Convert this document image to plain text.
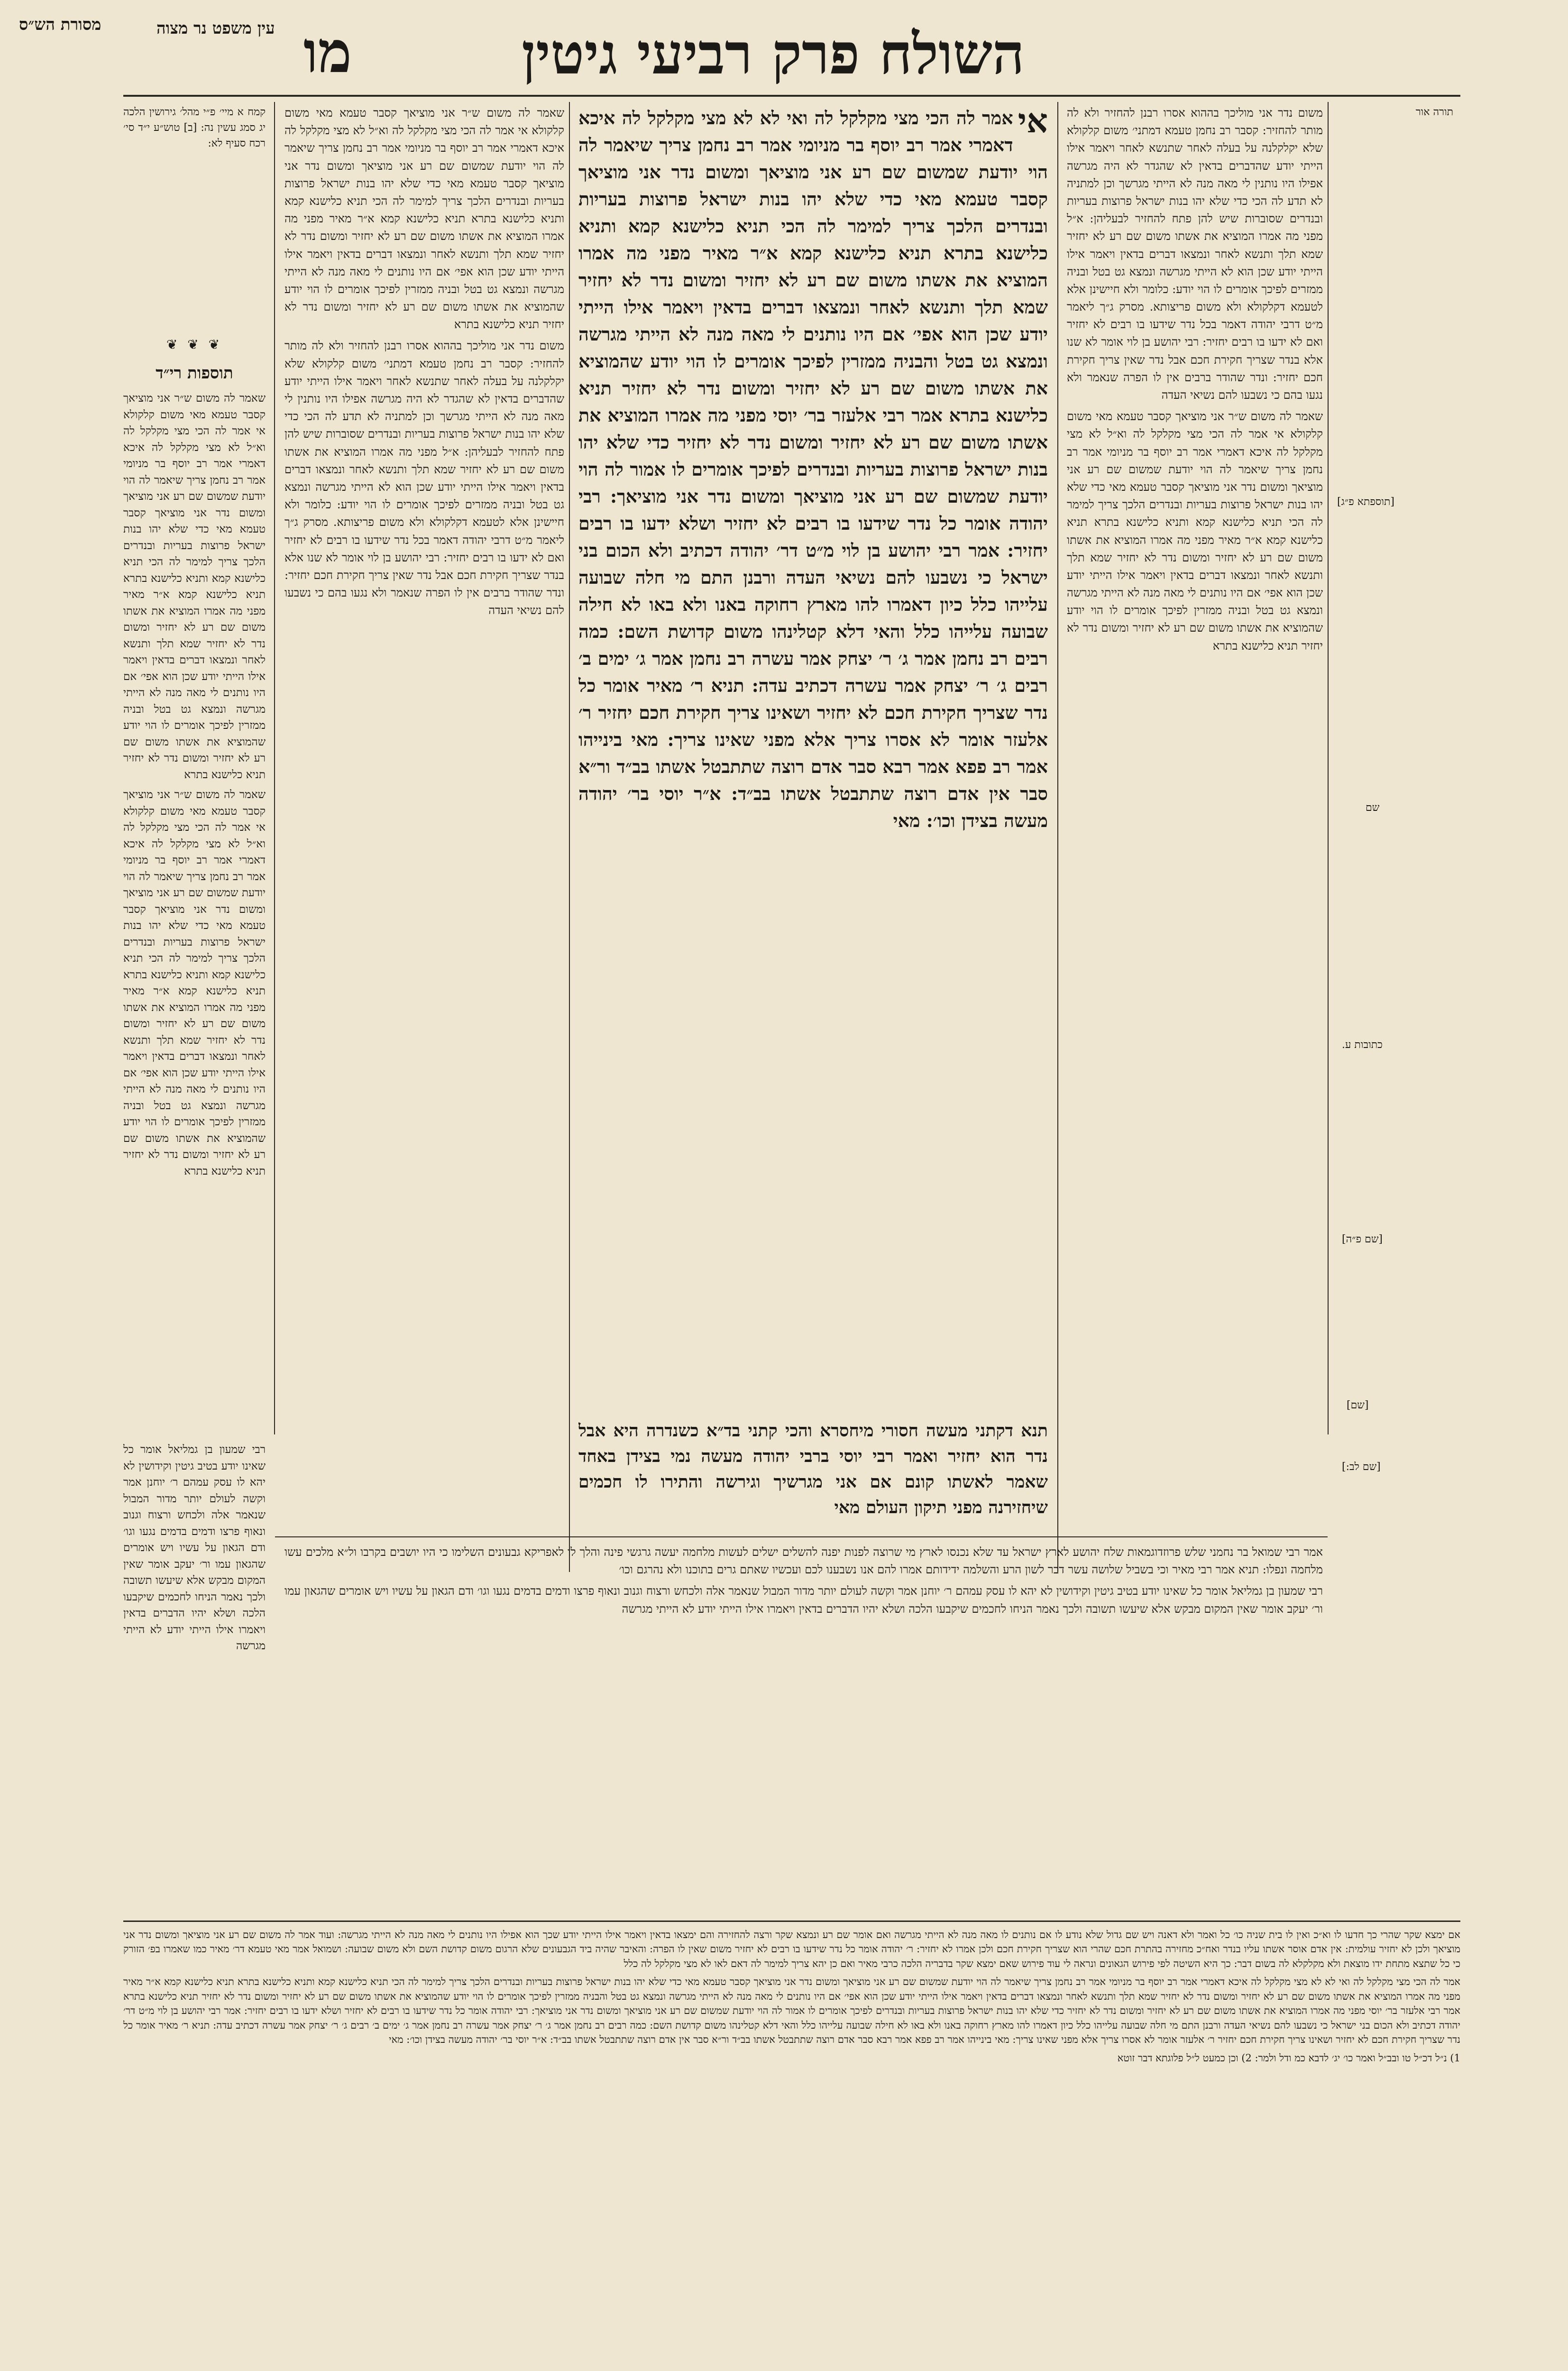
מסורת הש״ס	השולח פרק רביעי גיטין
מו
עין משפט נר מצוה
קמח א מיי׳ פ״י מהל׳ גירושין הלכה יג סמג עשין נה: [ב] טוש״ע י״ד סי׳ רכח סעיף לא:
❦ ❦ ❦
תוספות רי״ד

שאמר לה משום ש״ר אני מוציאך קסבר טעמא מאי משום קלקולא אי אמר לה הכי מצי מקלקל לה וא״ל לא מצי מקלקל לה איכא דאמרי אמר רב יוסף בר מניומי אמר רב נחמן צריך שיאמר לה הוי יודעת שמשום שם רע אני מוציאך ומשום נדר אני מוציאך קסבר טעמא מאי כדי שלא יהו בנות ישראל פרוצות בעריות ובנדרים הלכך צריך למימר לה הכי תניא כלישנא קמא ותניא כלישנא בתרא תניא כלישנא קמא א״ר מאיר מפני מה אמרו המוציא את אשתו משום שם רע לא יחזיר ומשום נדר לא יחזיר שמא תלך ותנשא לאחר ונמצאו דברים בדאין ויאמר אילו הייתי יודע שכן הוא אפי׳ אם היו נותנים לי מאה מנה לא הייתי מגרשה ונמצא גט בטל ובניה ממזרין לפיכך אומרים לו הוי יודע שהמוציא את אשתו משום שם רע לא יחזיר ומשום נדר לא יחזיר תניא כלישנא בתרא

שאמר לה משום ש״ר אני מוציאך קסבר טעמא מאי משום קלקולא אי אמר לה הכי מצי מקלקל לה וא״ל לא מצי מקלקל לה איכא דאמרי אמר רב יוסף בר מניומי אמר רב נחמן צריך שיאמר לה הוי יודעת שמשום שם רע אני מוציאך ומשום נדר אני מוציאך קסבר טעמא מאי כדי שלא יהו בנות ישראל פרוצות בעריות ובנדרים הלכך צריך למימר לה הכי תניא כלישנא קמא ותניא כלישנא בתרא תניא כלישנא קמא א״ר מאיר מפני מה אמרו המוציא את אשתו משום שם רע לא יחזיר ומשום נדר לא יחזיר שמא תלך ותנשא לאחר ונמצאו דברים בדאין ויאמר אילו הייתי יודע שכן הוא אפי׳ אם היו נותנים לי מאה מנה לא הייתי מגרשה ונמצא גט בטל ובניה ממזרין לפיכך אומרים לו הוי יודע שהמוציא את אשתו משום שם רע לא יחזיר ומשום נדר לא יחזיר תניא כלישנא בתרא

שאמר לה משום ש״ר אני מוציאך קסבר טעמא מאי משום קלקולא אי אמר לה הכי מצי מקלקל לה וא״ל לא מצי מקלקל לה איכא דאמרי אמר רב יוסף בר מניומי אמר רב נחמן צריך שיאמר לה הוי יודעת שמשום שם רע אני מוציאך ומשום נדר אני מוציאך קסבר טעמא מאי כדי שלא יהו בנות ישראל פרוצות בעריות ובנדרים הלכך צריך למימר לה הכי תניא כלישנא קמא ותניא כלישנא בתרא תניא כלישנא קמא א״ר מאיר מפני מה אמרו המוציא את אשתו משום שם רע לא יחזיר ומשום נדר לא יחזיר שמא תלך ותנשא לאחר ונמצאו דברים בדאין ויאמר אילו הייתי יודע שכן הוא אפי׳ אם היו נותנים לי מאה מנה לא הייתי מגרשה ונמצא גט בטל ובניה ממזרין לפיכך אומרים לו הוי יודע שהמוציא את אשתו משום שם רע לא יחזיר ומשום נדר לא יחזיר תניא כלישנא בתרא

משום נדר אני מוליכך בההוא אסרו רבנן להחזיר ולא לה מותר להחזיר: קסבר רב נחמן טעמא דמתני׳ משום קלקולא שלא יקלקלנה על בעלה לאחר שתנשא לאחר ויאמר אילו הייתי יודע שהדברים בדאין לא שהגדר לא היה מגרשה אפילו היו נותנין לי מאה מנה לא הייתי מגרשך וכן למתניה לא תדע לה הכי כדי שלא יהו בנות ישראל פרוצות בעריות ובנדרים שסוברות שיש להן פתח להחזיר לבעליהן: א״ל מפני מה אמרו המוציא את אשתו משום שם רע לא יחזיר שמא תלך ותנשא לאחר ונמצאו דברים בדאין ויאמר אילו הייתי יודע שכן הוא לא הייתי מגרשה ונמצא גט בטל ובניה ממזרים לפיכך אומרים לו הוי יודע: כלומר ולא חיישינן אלא לטעמא דקלקולא ולא משום פריצותא. מסרק ג״ך ליאמר מ״ט דרבי יהודה דאמר בכל נדר שידעו בו רבים לא יחזיר ואם לא ידעו בו רבים יחזיר: רבי יהושע בן לוי אומר לא שנו אלא בנדר שצריך חקירת חכם אבל נדר שאין צריך חקירת חכם יחזיר: ונדר שהודר ברבים אין לו הפרה שנאמר ולא נגעו בהם כי נשבעו להם נשיאי העדה

אי
אמר לה הכי מצי מקלקל לה ואי לא לא מצי מקלקל לה איכא דאמרי אמר רב יוסף בר מניומי אמר רב נחמן צריך שיאמר לה הוי יודעת שמשום שם רע אני מוציאך ומשום נדר אני מוציאך קסבר טעמא מאי כדי שלא יהו בנות ישראל פרוצות בעריות ובנדרים הלכך צריך למימר לה הכי תניא כלישנא קמא ותניא כלישנא בתרא תניא כלישנא קמא א״ר מאיר מפני מה אמרו המוציא את אשתו משום שם רע לא יחזיר ומשום נדר לא יחזיר שמא תלך ותנשא לאחר ונמצאו דברים בדאין ויאמר אילו הייתי יודע שכן הוא אפי׳ אם היו נותנים לי מאה מנה לא הייתי מגרשה ונמצא גט בטל והבניה ממזרין לפיכך אומרים לו הוי יודע שהמוציא את אשתו משום שם רע לא יחזיר ומשום נדר לא יחזיר תניא כלישנא בתרא אמר רבי אלעזר בר׳ יוסי מפני מה אמרו המוציא את אשתו משום שם רע לא יחזיר ומשום נדר לא יחזיר כדי שלא יהו בנות ישראל פרוצות בעריות ובנדרים לפיכך אומרים לו אמור לה הוי יודעת שמשום שם רע אני מוציאך ומשום נדר אני מוציאך: רבי יהודה אומר כל נדר שידעו בו רבים לא יחזיר ושלא ידעו בו רבים יחזיר: אמר רבי יהושע בן לוי מ״ט דר׳ יהודה דכתיב ולא הכום בני ישראל כי נשבעו להם נשיאי העדה ורבנן התם מי חלה שבועה עלייהו כלל כיון דאמרו להו מארץ רחוקה באנו ולא באו לא חילה שבועה עלייהו כלל והאי דלא קטלינהו משום קדושת השם: כמה רבים רב נחמן אמר ג׳ ר׳ יצחק אמר עשרה רב נחמן אמר ג׳ ימים ב׳ רבים ג׳ ר׳ יצחק אמר עשרה דכתיב עדה: תניא ר׳ מאיר אומר כל נדר שצריך חקירת חכם לא יחזיר ושאינו צריך חקירת חכם יחזיר ר׳ אלעזר אומר לא אסרו צריך אלא מפני שאינו צריך: מאי בינייהו אמר רב פפא אמר רבא סבר אדם רוצה שתתבטל אשתו בב״ד ור״א סבר אין אדם רוצה שתתבטל אשתו בב״ד: א״ר יוסי בר׳ יהודה מעשה בצידן וכו׳: מאי
תנא דקתני מעשה חסורי מיחסרא והכי קתני בד״א כשנדרה היא אבל נדר הוא יחזיר ואמר רבי יוסי ברבי יהודה מעשה נמי בצידן באחד שאמר לאשתו קונם אם אני מגרשיך וגירשה והתירו לו חכמים שיחזירנה מפני תיקון העולם מאי

משום נדר אני מוליכך בההוא אסרו רבנן להחזיר ולא לה מותר להחזיר: קסבר רב נחמן טעמא דמתני׳ משום קלקולא שלא יקלקלנה על בעלה לאחר שתנשא לאחר ויאמר אילו הייתי יודע שהדברים בדאין לא שהגדר לא היה מגרשה אפילו היו נותנין לי מאה מנה לא הייתי מגרשך וכן למתניה לא תדע לה הכי כדי שלא יהו בנות ישראל פרוצות בעריות ובנדרים שסוברות שיש להן פתח להחזיר לבעליהן: א״ל מפני מה אמרו המוציא את אשתו משום שם רע לא יחזיר שמא תלך ותנשא לאחר ונמצאו דברים בדאין ויאמר אילו הייתי יודע שכן הוא לא הייתי מגרשה ונמצא גט בטל ובניה ממזרים לפיכך אומרים לו הוי יודע: כלומר ולא חיישינן אלא לטעמא דקלקולא ולא משום פריצותא. מסרק ג״ך ליאמר מ״ט דרבי יהודה דאמר בכל נדר שידעו בו רבים לא יחזיר ואם לא ידעו בו רבים יחזיר: רבי יהושע בן לוי אומר לא שנו אלא בנדר שצריך חקירת חכם אבל נדר שאין צריך חקירת חכם יחזיר: ונדר שהודר ברבים אין לו הפרה שנאמר ולא נגעו בהם כי נשבעו להם נשיאי העדה

שאמר לה משום ש״ר אני מוציאך קסבר טעמא מאי משום קלקולא אי אמר לה הכי מצי מקלקל לה וא״ל לא מצי מקלקל לה איכא דאמרי אמר רב יוסף בר מניומי אמר רב נחמן צריך שיאמר לה הוי יודעת שמשום שם רע אני מוציאך ומשום נדר אני מוציאך קסבר טעמא מאי כדי שלא יהו בנות ישראל פרוצות בעריות ובנדרים הלכך צריך למימר לה הכי תניא כלישנא קמא ותניא כלישנא בתרא תניא כלישנא קמא א״ר מאיר מפני מה אמרו המוציא את אשתו משום שם רע לא יחזיר ומשום נדר לא יחזיר שמא תלך ותנשא לאחר ונמצאו דברים בדאין ויאמר אילו הייתי יודע שכן הוא אפי׳ אם היו נותנים לי מאה מנה לא הייתי מגרשה ונמצא גט בטל ובניה ממזרין לפיכך אומרים לו הוי יודע שהמוציא את אשתו משום שם רע לא יחזיר ומשום נדר לא יחזיר תניא כלישנא בתרא

תורה אור

[תוספתא פ״ג]
שם
כתובות ע.
[שם פ״ה]
[שם]
[שם לב:]

אמר רבי שמואל בר נחמני שלש פרוזדוגמאות שלח יהושע לארץ ישראל עד שלא נכנסו לארץ מי שרוצה לפנות יפנה להשלים ישלים לעשות מלחמה יעשה גרגשי פינה והלך לו לאפריקא גבעונים השלימו כי היו יושבים בקרבו ול״א מלכים עשו מלחמה ונפלו: תניא אמר רבי מאיר וכי בשביל שלושה עשר דבר לשון הרע והשלמה ידידותם אמרו להם אנו נשבענו לכם ועכשיו שאתם גרים בתוכנו ולא נהרגם וכו׳

רבי שמעון בן גמליאל אומר כל שאינו יודע בטיב גיטין וקידושין לא יהא לו עסק עמהם ר׳ יוחנן אמר וקשה לעולם יותר מדור המבול שנאמר אלה ולכחש ורצוח וגנוב ונאוף פרצו ודמים בדמים נגעו וגו׳ ודם הגאון על עשיו ויש אומרים שהגאון עמו ור׳ יעקב אומר שאין המקום מבקש אלא שיעשו תשובה ולכך נאמר הניחו לחכמים שיקבעו הלכה ושלא יהיו הדברים בדאין ויאמרו אילו הייתי יודע לא הייתי מגרשה

רבי שמעון בן גמליאל אומר כל שאינו יודע בטיב גיטין וקידושין לא יהא לו עסק עמהם ר׳ יוחנן אמר וקשה לעולם יותר מדור המבול שנאמר אלה ולכחש ורצוח וגנוב ונאוף פרצו ודמים בדמים נגעו וגו׳ ודם הגאון על עשיו ויש אומרים שהגאון עמו ור׳ יעקב אומר שאין המקום מבקש אלא שיעשו תשובה ולכך נאמר הניחו לחכמים שיקבעו הלכה ושלא יהיו הדברים בדאין ויאמרו אילו הייתי יודע לא הייתי מגרשה

אם ימצא שקר שהרי כך חדעו לו וא״כ ואין לו בית שניה כו׳ כל ואמר ולא דאנה ויש שם גדול שלא נודע לו אם נותנים לו מאה מנה לא הייתי מגרשה ואם אומר שם רע ונמצא שקר ורצה להחזירה והם ימצאו בדאין ויאמר אילו הייתי יודע שכך הוא אפילו היו נותנים לי מאה מנה לא הייתי מגרשה: ועוד אמר לה משום שם רע אני מוציאך ומשום נדר אני מוציאך ולכן לא יחזיר עולמית: אין אדם אוסר אשתו עליו בנדר ואח״כ מחזירה בהתרת חכם שהרי הוא שצריך חקירת חכם ולכן אמרו לא יחזיר: ר׳ יהודה אומר כל נדר שידעו בו רבים לא יחזיר משום שאין לו הפרה: והאיבר שהיה ביד הגבעונים שלא הרגום משום קדושת השם ולא משום שבועה: ושמואל אמר מאי טעמא דר׳ מאיר כמו שאמרו בפ׳ הזורק כי כל שתצא מתחת ידו מוצאת ולא מקלקלא לה בשום דבר: כך היא השיטה לפי פירוש הגאונים ונראה לי עוד פירוש שאם ימצא שקר בדבריה הלכה כרבי מאיר ואם כן יהא צריך למימר לה דאם לאו לא מצי מקלקל לה כלל

אמר לה הכי מצי מקלקל לה ואי לא לא מצי מקלקל לה איכא דאמרי אמר רב יוסף בר מניומי אמר רב נחמן צריך שיאמר לה הוי יודעת שמשום שם רע אני מוציאך ומשום נדר אני מוציאך קסבר טעמא מאי כדי שלא יהו בנות ישראל פרוצות בעריות ובנדרים הלכך צריך למימר לה הכי תניא כלישנא קמא ותניא כלישנא בתרא תניא כלישנא קמא א״ר מאיר מפני מה אמרו המוציא את אשתו משום שם רע לא יחזיר ומשום נדר לא יחזיר שמא תלך ותנשא לאחר ונמצאו דברים בדאין ויאמר אילו הייתי יודע שכן הוא אפי׳ אם היו נותנים לי מאה מנה לא הייתי מגרשה ונמצא גט בטל והבניה ממזרין לפיכך אומרים לו הוי יודע שהמוציא את אשתו משום שם רע לא יחזיר ומשום נדר לא יחזיר תניא כלישנא בתרא אמר רבי אלעזר בר׳ יוסי מפני מה אמרו המוציא את אשתו משום שם רע לא יחזיר ומשום נדר לא יחזיר כדי שלא יהו בנות ישראל פרוצות בעריות ובנדרים לפיכך אומרים לו אמור לה הוי יודעת שמשום שם רע אני מוציאך ומשום נדר אני מוציאך: רבי יהודה אומר כל נדר שידעו בו רבים לא יחזיר ושלא ידעו בו רבים יחזיר: אמר רבי יהושע בן לוי מ״ט דר׳ יהודה דכתיב ולא הכום בני ישראל כי נשבעו להם נשיאי העדה ורבנן התם מי חלה שבועה עלייהו כלל כיון דאמרו להו מארץ רחוקה באנו ולא באו לא חילה שבועה עלייהו כלל והאי דלא קטלינהו משום קדושת השם: כמה רבים רב נחמן אמר ג׳ ר׳ יצחק אמר עשרה רב נחמן אמר ג׳ ימים ב׳ רבים ג׳ ר׳ יצחק אמר עשרה דכתיב עדה: תניא ר׳ מאיר אומר כל נדר שצריך חקירת חכם לא יחזיר ושאינו צריך חקירת חכם יחזיר ר׳ אלעזר אומר לא אסרו צריך אלא מפני שאינו צריך: מאי בינייהו אמר רב פפא אמר רבא סבר אדם רוצה שתתבטל אשתו בב״ד ור״א סבר אין אדם רוצה שתתבטל אשתו בב״ד: א״ר יוסי בר׳ יהודה מעשה בצידן וכו׳: מאי

1) נ״ל דכ״ל טו ובב״ל ואמר כו׳ יג׳ לדבא כמ ודל ולמר: 2) וכן כמעט ל״ל פלוגתא דבר זוטא
